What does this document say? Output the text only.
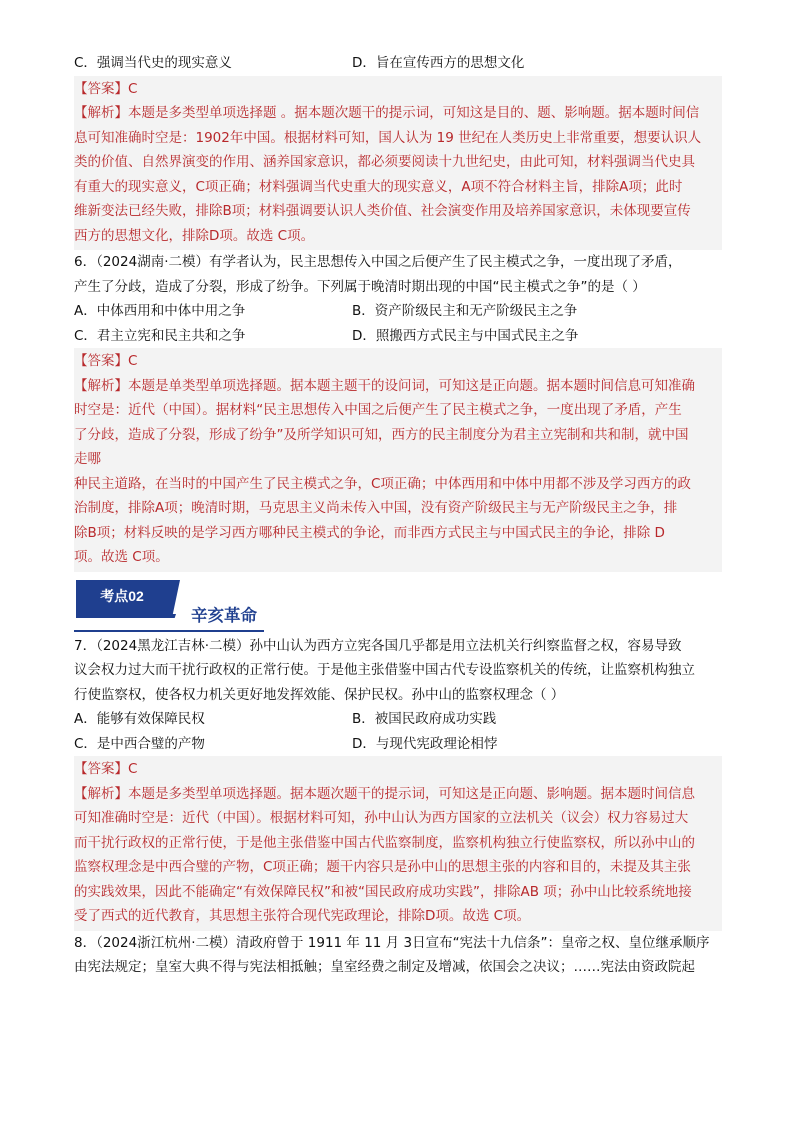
C．强调当代史的现实意义	D．旨在宣传西方的思想文化
【答案】C
【解析】本题是多类型单项选择题 。据本题次题干的提示词，可知这是目的、题、影响题。据本题时间信
息可知准确时空是：1902年中国。根据材料可知，国人认为 19 世纪在人类历史上非常重要，想要认识人
类的价值、自然界演变的作用、涵养国家意识，都必须要阅读十九世纪史，由此可知，材料强调当代史具
有重大的现实意义，C项正确；材料强调当代史重大的现实意义，A项不符合材料主旨，排除A项；此时
维新变法已经失败，排除B项；材料强调要认识人类价值、社会演变作用及培养国家意识，未体现要宣传
西方的思想文化，排除D项。故选 C项。
6．（2024湖南·二模）有学者认为，民主思想传入中国之后便产生了民主模式之争，一度出现了矛盾，
产生了分歧，造成了分裂，形成了纷争。下列属于晚清时期出现的中国“民主模式之争”的是（ ）
A．中体西用和中体中用之争	B．资产阶级民主和无产阶级民主之争
C．君主立宪和民主共和之争	D．照搬西方式民主与中国式民主之争
【答案】C
【解析】本题是单类型单项选择题。据本题主题干的设问词，可知这是正向题。据本题时间信息可知准确
时空是：近代（中国）。据材料“民主思想传入中国之后便产生了民主模式之争，一度出现了矛盾，产生
了分歧，造成了分裂，形成了纷争”及所学知识可知，西方的民主制度分为君主立宪制和共和制，就中国
走哪
种民主道路，在当时的中国产生了民主模式之争，C项正确；中体西用和中体中用都不涉及学习西方的政
治制度，排除A项；晚清时期，马克思主义尚未传入中国，没有资产阶级民主与无产阶级民主之争，排
除B项；材料反映的是学习西方哪种民主模式的争论，而非西方式民主与中国式民主的争论，排除 D
项。故选 C项。
考点02
辛亥革命
7．（2024黑龙江吉林·二模）孙中山认为西方立宪各国几乎都是用立法机关行纠察监督之权，容易导致
议会权力过大而干扰行政权的正常行使。于是他主张借鉴中国古代专设监察机关的传统，让监察机构独立
行使监察权，使各权力机关更好地发挥效能、保护民权。孙中山的监察权理念（ ）
A．能够有效保障民权	B．被国民政府成功实践
C．是中西合璧的产物	D．与现代宪政理论相悖
【答案】C
【解析】本题是多类型单项选择题。据本题次题干的提示词，可知这是正向题、影响题。据本题时间信息
可知准确时空是：近代（中国）。根据材料可知，孙中山认为西方国家的立法机关（议会）权力容易过大
而干扰行政权的正常行使，于是他主张借鉴中国古代监察制度，监察机构独立行使监察权，所以孙中山的
监察权理念是中西合璧的产物，C项正确；题干内容只是孙中山的思想主张的内容和目的，未提及其主张
的实践效果，因此不能确定“有效保障民权”和被“国民政府成功实践”，排除AB 项；孙中山比较系统地接
受了西式的近代教育，其思想主张符合现代宪政理论，排除D项。故选 C项。
8．（2024浙江杭州·二模）清政府曾于 1911 年 11 月 3日宣布“宪法十九信条”：皇帝之权、皇位继承顺序
由宪法规定；皇室大典不得与宪法相抵触；皇室经费之制定及增减，依国会之决议；……宪法由资政院起
